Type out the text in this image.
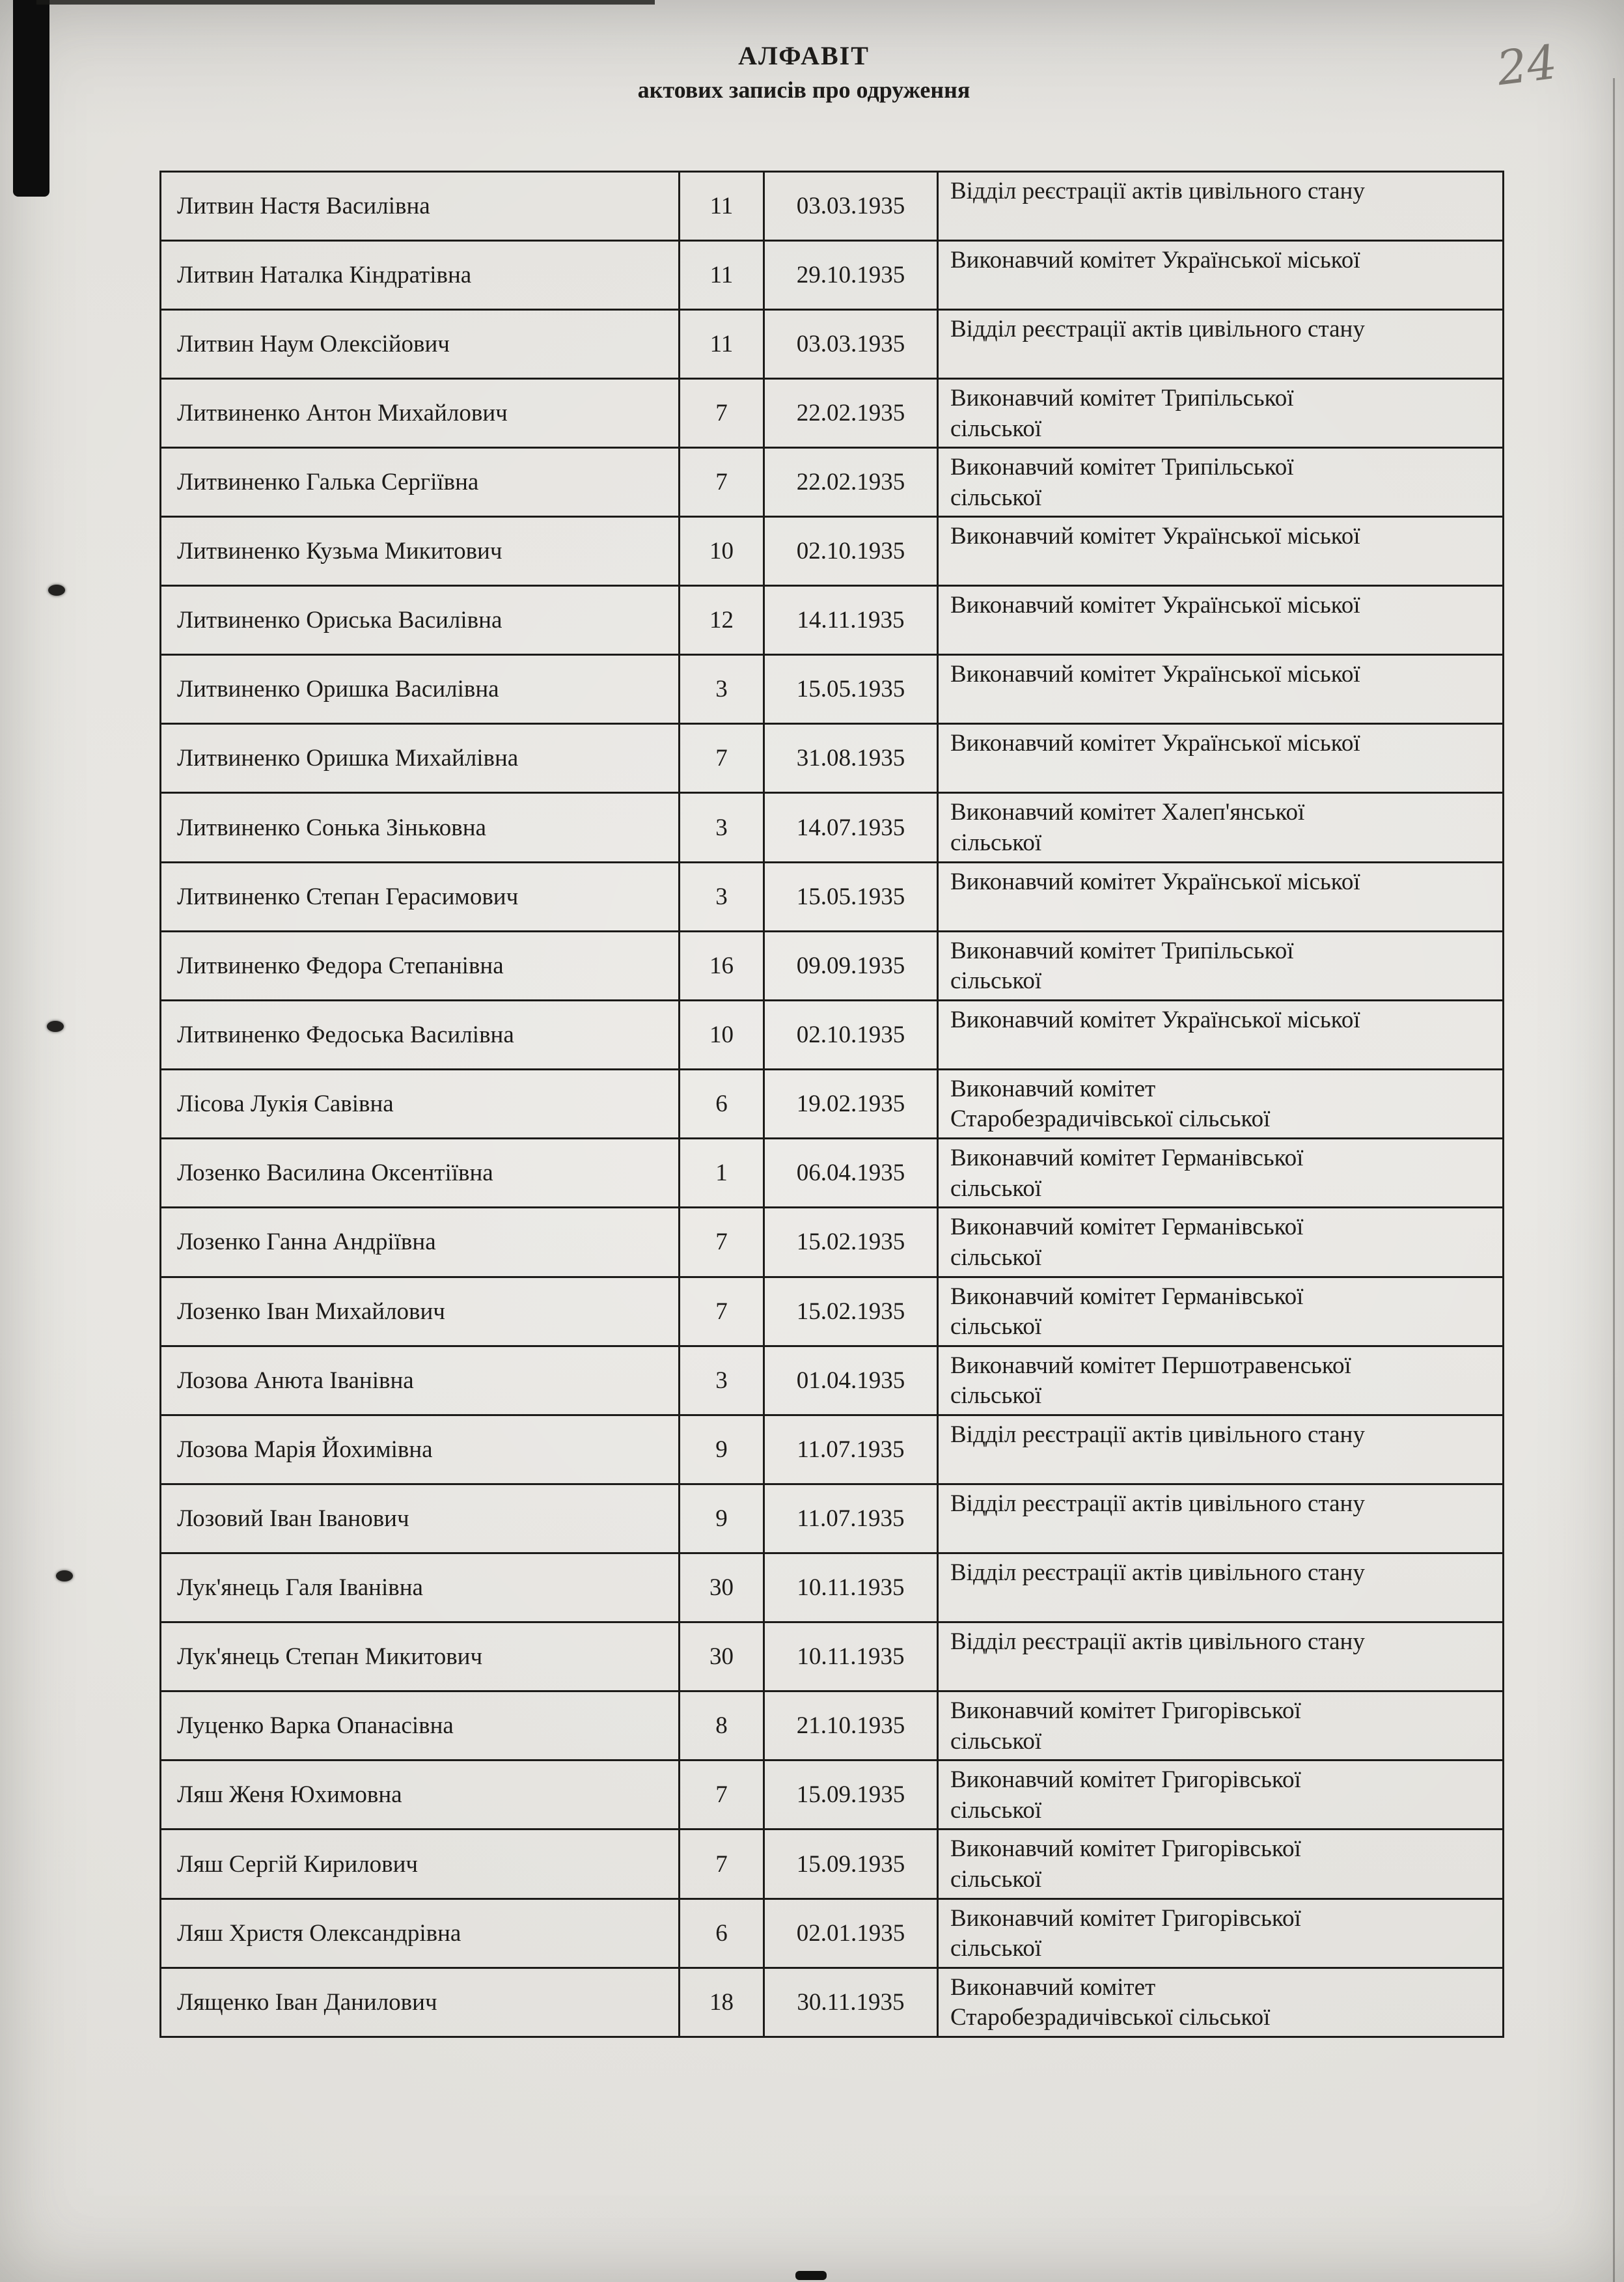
24
АЛФАВІТ
актових записів про одруження
Литвин Настя Василівна	11	03.03.1935	Відділ реєстрації актів цивільного стану

Литвин Наталка Кіндратівна	11	29.10.1935	Виконавчий комітет Української міської

Литвин Наум Олексійович	11	03.03.1935	Відділ реєстрації актів цивільного стану

Литвиненко Антон Михайлович	7	22.02.1935	Виконавчий комітет Трипільської сільської

Литвиненко Галька Сергіївна	7	22.02.1935	Виконавчий комітет Трипільської сільської

Литвиненко Кузьма Микитович	10	02.10.1935	Виконавчий комітет Української міської

Литвиненко Ориська Василівна	12	14.11.1935	Виконавчий комітет Української міської

Литвиненко Оришка Василівна	3	15.05.1935	Виконавчий комітет Української міської

Литвиненко Оришка Михайлівна	7	31.08.1935	Виконавчий комітет Української міської

Литвиненко Сонька Зіньковна	3	14.07.1935	Виконавчий комітет Халеп'янської сільської

Литвиненко Степан Герасимович	3	15.05.1935	Виконавчий комітет Української міської

Литвиненко Федора Степанівна	16	09.09.1935	Виконавчий комітет Трипільської сільської

Литвиненко Федоська Василівна	10	02.10.1935	Виконавчий комітет Української міської

Лісова Лукія Савівна	6	19.02.1935	Виконавчий комітет Старобезрадичівської сільської

Лозенко Василина Оксентіївна	1	06.04.1935	Виконавчий комітет Германівської сільської

Лозенко Ганна Андріївна	7	15.02.1935	Виконавчий комітет Германівської сільської

Лозенко Іван Михайлович	7	15.02.1935	Виконавчий комітет Германівської сільської

Лозова Анюта Іванівна	3	01.04.1935	Виконавчий комітет Першотравенської сільської

Лозова Марія Йохимівна	9	11.07.1935	Відділ реєстрації актів цивільного стану

Лозовий Іван Іванович	9	11.07.1935	Відділ реєстрації актів цивільного стану

Лук'янець Галя Іванівна	30	10.11.1935	Відділ реєстрації актів цивільного стану

Лук'янець Степан Микитович	30	10.11.1935	Відділ реєстрації актів цивільного стану

Луценко Варка Опанасівна	8	21.10.1935	Виконавчий комітет Григорівської сільської

Ляш Женя Юхимовна	7	15.09.1935	Виконавчий комітет Григорівської сільської

Ляш Сергій Кирилович	7	15.09.1935	Виконавчий комітет Григорівської сільської

Ляш Христя Олександрівна	6	02.01.1935	Виконавчий комітет Григорівської сільської

Лященко Іван Данилович	18	30.11.1935	Виконавчий комітет Старобезрадичівської сільської
